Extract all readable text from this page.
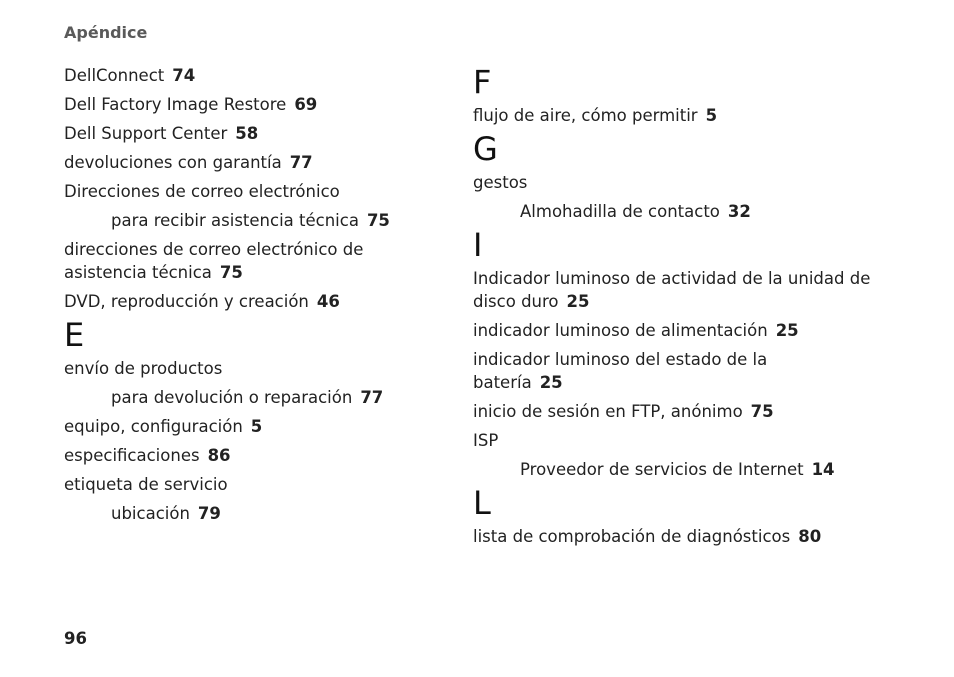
Apéndice
DellConnect 74
Dell Factory Image Restore 69
Dell Support Center 58
devoluciones con garantía 77
Direcciones de correo electrónico
para recibir asistencia técnica 75
direcciones de correo electrónico de asistencia técnica 75
DVD, reproducción y creación 46
E
envío de productos
para devolución o reparación 77
equipo, configuración 5
especificaciones 86
etiqueta de servicio
ubicación 79
F
flujo de aire, cómo permitir 5
G
gestos
Almohadilla de contacto 32
I
Indicador luminoso de actividad de la unidad de disco duro 25
indicador luminoso de alimentación 25
indicador luminoso del estado de la batería 25
inicio de sesión en FTP, anónimo 75
ISP
Proveedor de servicios de Internet 14
L
lista de comprobación de diagnósticos 80
96
